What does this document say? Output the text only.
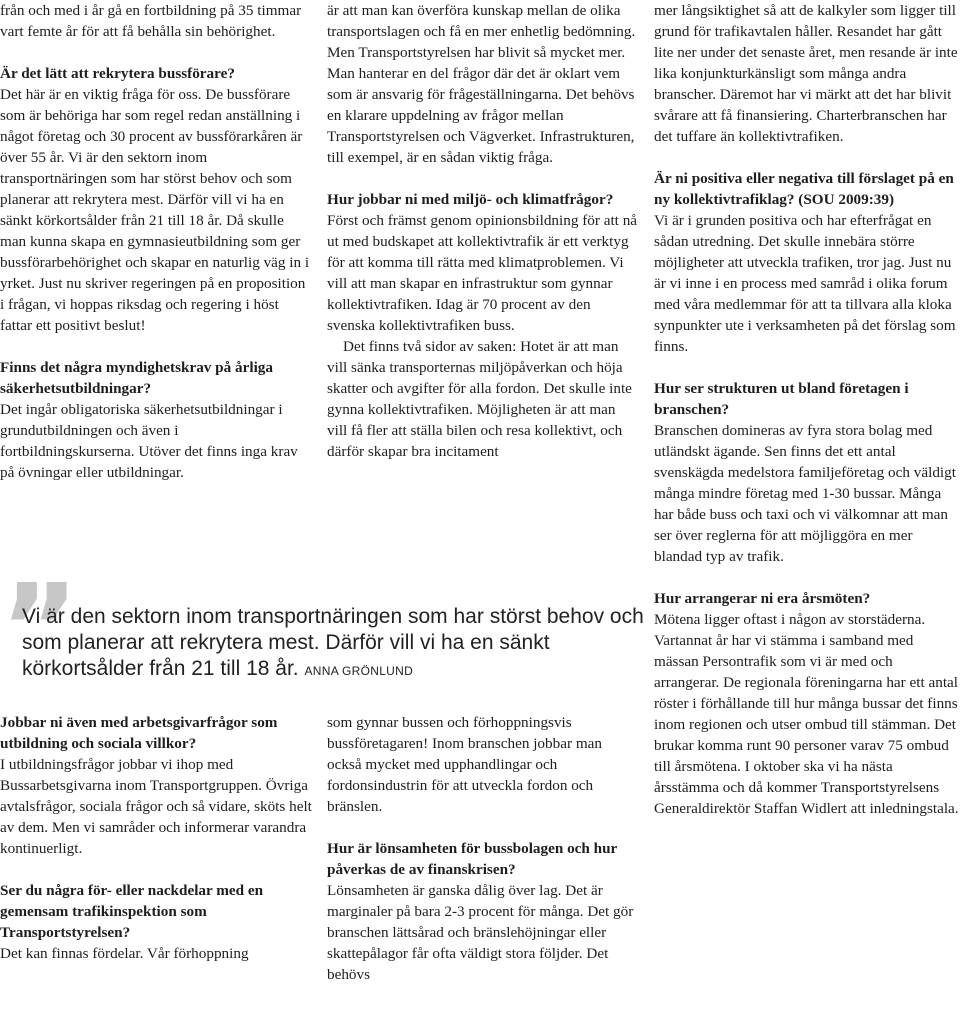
från och med i år gå en fortbildning på 35 timmar vart femte år för att få behålla sin behörighet.

Är det lätt att rekrytera bussförare?

Det här är en viktig fråga för oss. De bussförare som är behöriga har som regel redan anställning i något företag och 30 procent av bussförarkåren är över 55 år. Vi är den sektorn inom transportnäringen som har störst behov och som planerar att rekrytera mest. Därför vill vi ha en sänkt körkortsålder från 21 till 18 år. Då skulle man kunna skapa en gymnasieutbildning som ger bussförarbehörighet och skapar en naturlig väg in i yrket. Just nu skriver regeringen på en proposition i frågan, vi hoppas riksdag och regering i höst fattar ett positivt beslut!

Finns det några myndighetskrav på årliga säkerhetsutbildningar?

Det ingår obligatoriska säkerhetsutbildningar i grundutbildningen och även i fortbildningskurserna. Utöver det finns inga krav på övningar eller utbildningar.

är att man kan överföra kunskap mellan de olika transportslagen och få en mer enhetlig bedömning. Men Transportstyrelsen har blivit så mycket mer. Man hanterar en del frågor där det är oklart vem som är ansvarig för frågeställningarna. Det behövs en klarare uppdelning av frågor mellan Transportstyrelsen och Vägverket. Infrastrukturen, till exempel, är en sådan viktig fråga.

Hur jobbar ni med miljö- och klimatfrågor?

Först och främst genom opinionsbildning för att nå ut med budskapet att kollektivtrafik är ett verktyg för att komma till rätta med klimatproblemen. Vi vill att man skapar en infrastruktur som gynnar kollektivtrafiken. Idag är 70 procent av den svenska kollektivtrafiken buss.

Det finns två sidor av saken: Hotet är att man vill sänka transporternas miljöpåverkan och höja skatter och avgifter för alla fordon. Det skulle inte gynna kollektivtrafiken. Möjligheten är att man vill få fler att ställa bilen och resa kollektivt, och därför skapar bra incitament

mer långsiktighet så att de kalkyler som ligger till grund för trafikavtalen håller. Resandet har gått lite ner under det senaste året, men resande är inte lika konjunkturkänsligt som många andra branscher. Däremot har vi märkt att det har blivit svårare att få finansiering. Charterbranschen har det tuffare än kollektivtrafiken.

Är ni positiva eller negativa till förslaget på en ny kollektivtrafiklag? (SOU 2009:39)

Vi är i grunden positiva och har efterfrågat en sådan utredning. Det skulle innebära större möjligheter att utveckla trafiken, tror jag. Just nu är vi inne i en process med samråd i olika forum med våra medlemmar för att ta tillvara alla kloka synpunkter ute i verksamheten på det förslag som finns.

Hur ser strukturen ut bland företagen i branschen?

Branschen domineras av fyra stora bolag med utländskt ägande. Sen finns det ett antal svenskägda medelstora familjeföretag och väldigt många mindre företag med 1-30 bussar. Många har både buss och taxi och vi välkomnar att man ser över reglerna för att möjliggöra en mer blandad typ av trafik.

Hur arrangerar ni era årsmöten?

Mötena ligger oftast i någon av storstäderna. Vartannat år har vi stämma i samband med mässan Persontrafik som vi är med och arrangerar. De regionala föreningarna har ett antal röster i förhållande till hur många bussar det finns inom regionen och utser ombud till stämman. Det brukar komma runt 90 personer varav 75 ombud till årsmötena. I oktober ska vi ha nästa årsstämma och då kommer Transportstyrelsens Generaldirektör Staffan Widlert att inledningstala.

”
Vi är den sektorn inom transportnäringen som har störst behov och som planerar att rekrytera mest. Därför vill vi ha en sänkt körkortsålder från 21 till 18 år. ANNA GRÖNLUND
Jobbar ni även med arbetsgivarfrågor som utbildning och sociala villkor?

I utbildningsfrågor jobbar vi ihop med Bussarbetsgivarna inom Transportgruppen. Övriga avtalsfrågor, sociala frågor och så vidare, sköts helt av dem. Men vi samråder och informerar varandra kontinuerligt.

Ser du några för- eller nackdelar med en gemensam trafikinspektion som Transportstyrelsen?

Det kan finnas fördelar. Vår förhoppning

som gynnar bussen och förhoppningsvis bussföretagaren! Inom branschen jobbar man också mycket med upphandlingar och fordonsindustrin för att utveckla fordon och bränslen.

Hur är lönsamheten för bussbolagen och hur påverkas de av finanskrisen?

Lönsamheten är ganska dålig över lag. Det är marginaler på bara 2-3 procent för många. Det gör branschen lättsårad och bränslehöjningar eller skattepålagor får ofta väldigt stora följder. Det behövs
